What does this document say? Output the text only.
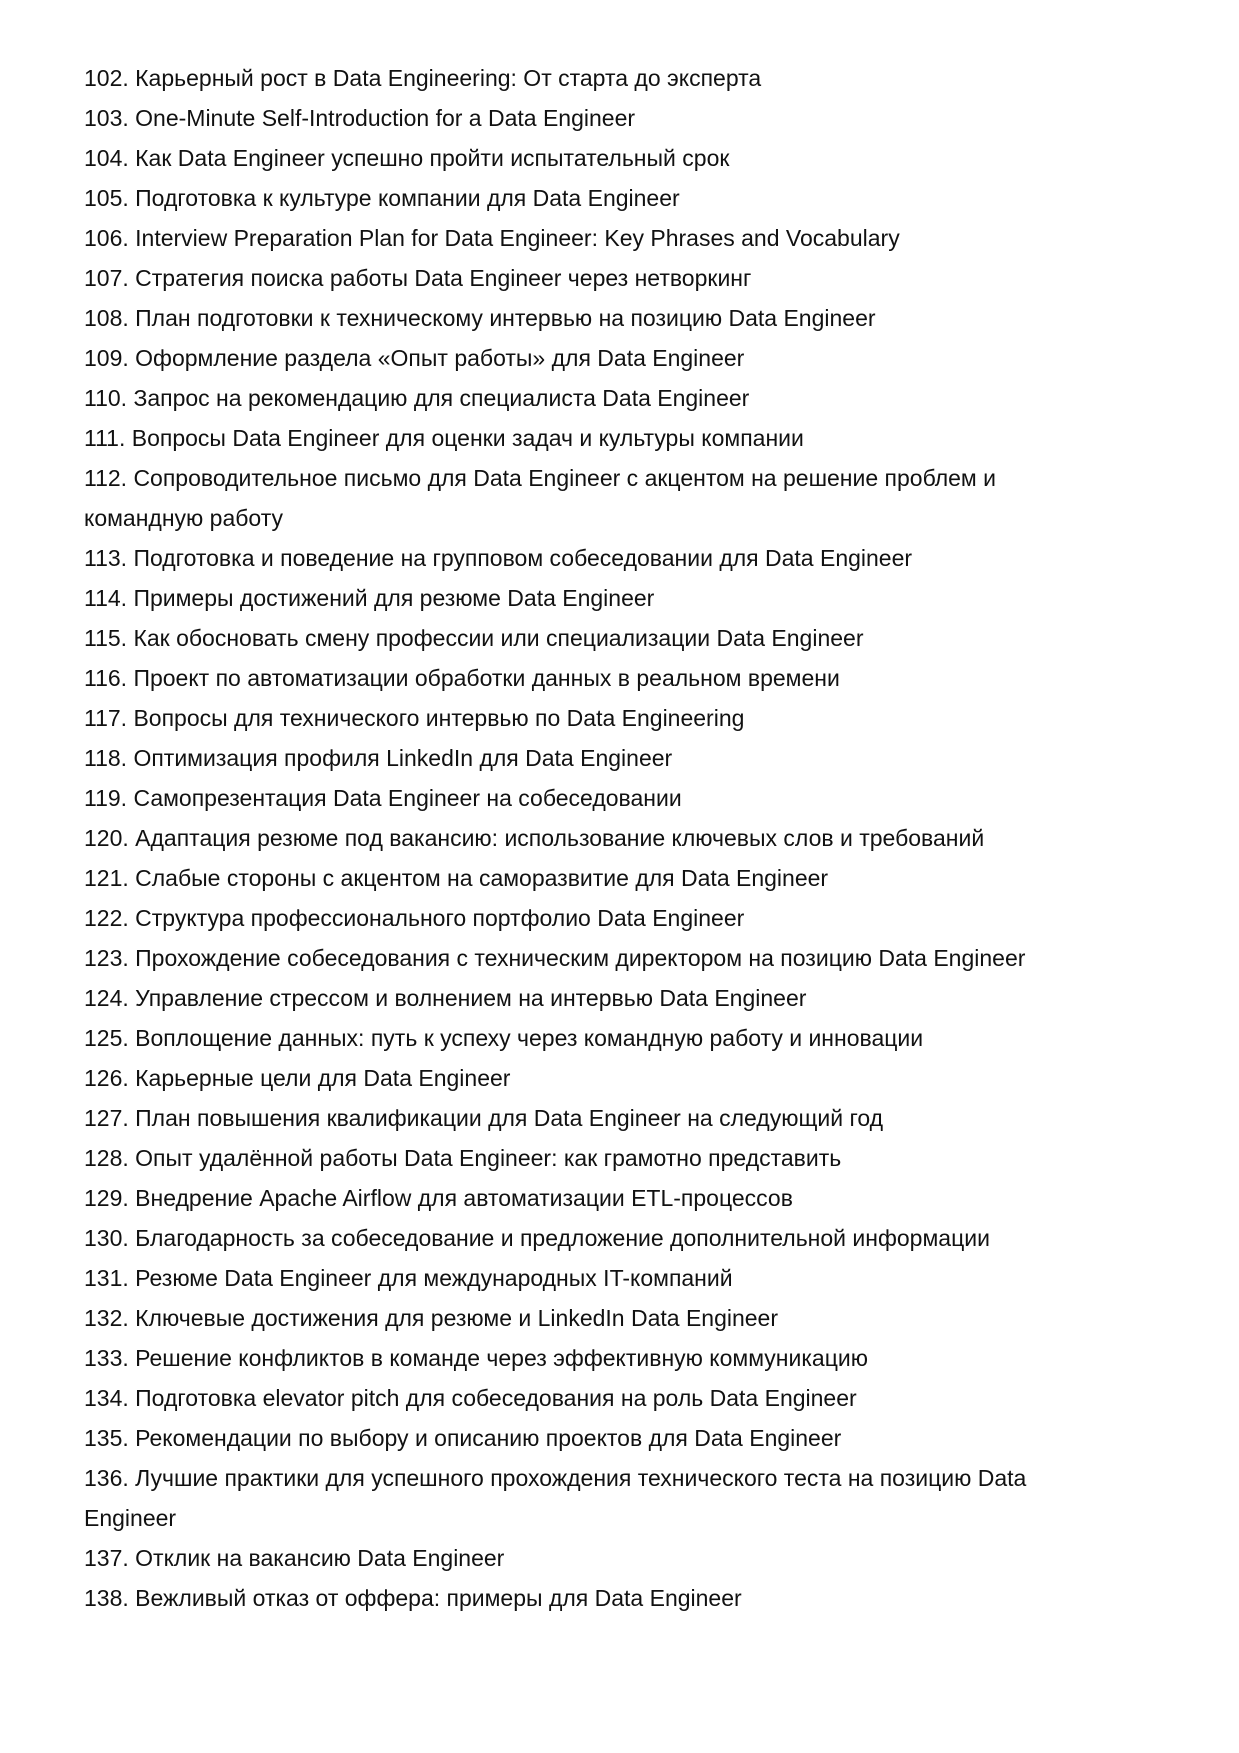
102. Карьерный рост в Data Engineering: От старта до эксперта
103. One-Minute Self-Introduction for a Data Engineer
104. Как Data Engineer успешно пройти испытательный срок
105. Подготовка к культуре компании для Data Engineer
106. Interview Preparation Plan for Data Engineer: Key Phrases and Vocabulary
107. Стратегия поиска работы Data Engineer через нетворкинг
108. План подготовки к техническому интервью на позицию Data Engineer
109. Оформление раздела «Опыт работы» для Data Engineer
110. Запрос на рекомендацию для специалиста Data Engineer
111. Вопросы Data Engineer для оценки задач и культуры компании
112. Сопроводительное письмо для Data Engineer с акцентом на решение проблем и
командную работу
113. Подготовка и поведение на групповом собеседовании для Data Engineer
114. Примеры достижений для резюме Data Engineer
115. Как обосновать смену профессии или специализации Data Engineer
116. Проект по автоматизации обработки данных в реальном времени
117. Вопросы для технического интервью по Data Engineering
118. Оптимизация профиля LinkedIn для Data Engineer
119. Самопрезентация Data Engineer на собеседовании
120. Адаптация резюме под вакансию: использование ключевых слов и требований
121. Слабые стороны с акцентом на саморазвитие для Data Engineer
122. Структура профессионального портфолио Data Engineer
123. Прохождение собеседования с техническим директором на позицию Data Engineer
124. Управление стрессом и волнением на интервью Data Engineer
125. Воплощение данных: путь к успеху через командную работу и инновации
126. Карьерные цели для Data Engineer
127. План повышения квалификации для Data Engineer на следующий год
128. Опыт удалённой работы Data Engineer: как грамотно представить
129. Внедрение Apache Airflow для автоматизации ETL-процессов
130. Благодарность за собеседование и предложение дополнительной информации
131. Резюме Data Engineer для международных IT-компаний
132. Ключевые достижения для резюме и LinkedIn Data Engineer
133. Решение конфликтов в команде через эффективную коммуникацию
134. Подготовка elevator pitch для собеседования на роль Data Engineer
135. Рекомендации по выбору и описанию проектов для Data Engineer
136. Лучшие практики для успешного прохождения технического теста на позицию Data
Engineer
137. Отклик на вакансию Data Engineer
138. Вежливый отказ от оффера: примеры для Data Engineer
